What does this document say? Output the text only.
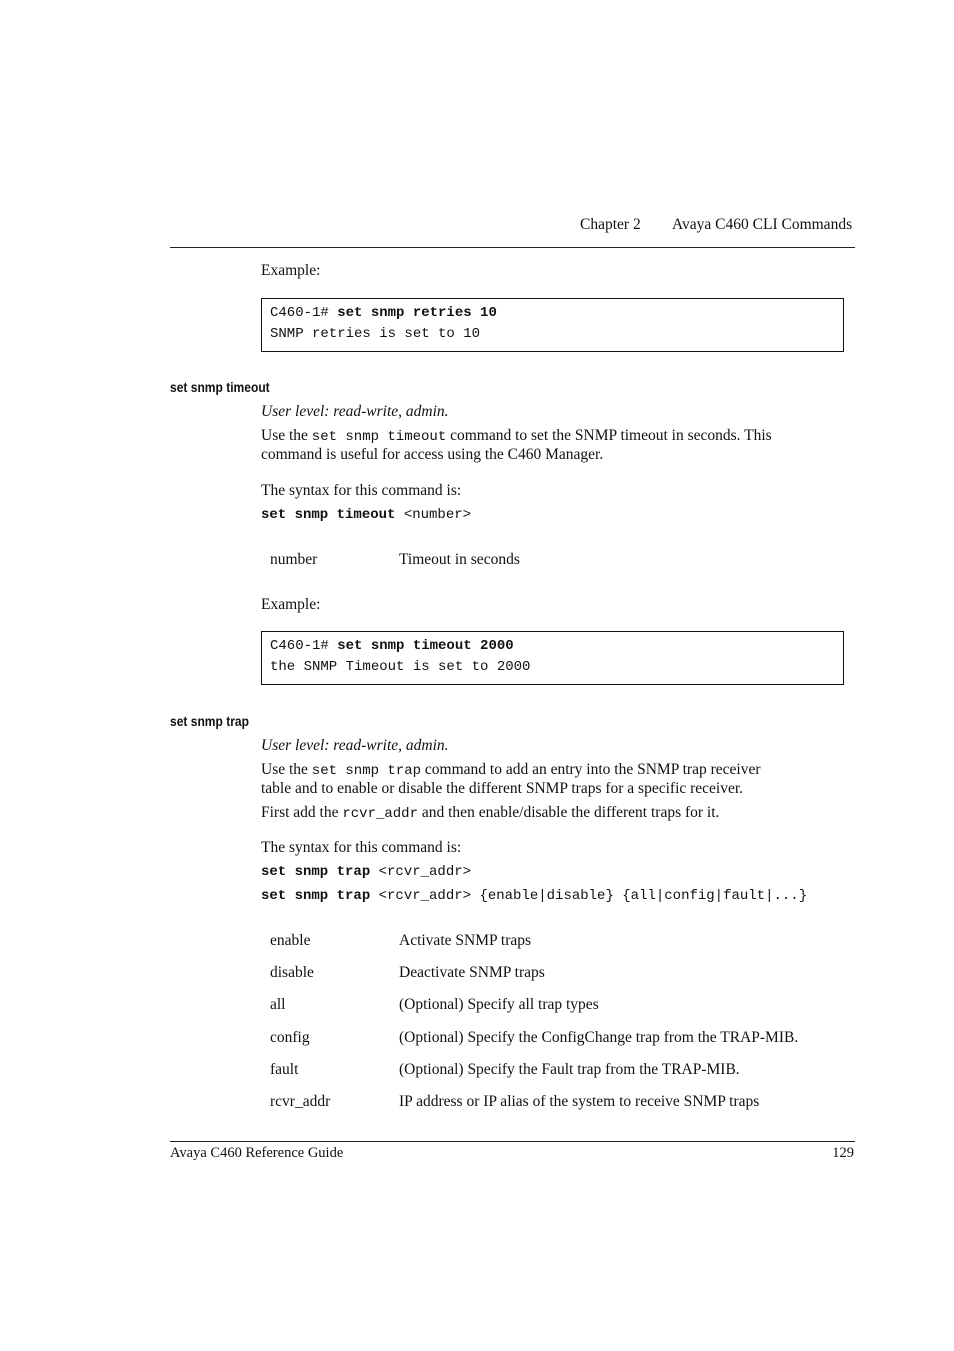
Chapter 2 Avaya C460 CLI Commands
Example:
C460-1# set snmp retries 10
SNMP retries is set to 10
set snmp timeout
User level: read-write, admin.
Use the set snmp timeout command to set the SNMP timeout in seconds. This
command is useful for access using the C460 Manager.
The syntax for this command is:
set snmp timeout <number>
number	Timeout in seconds
Example:
C460-1# set snmp timeout 2000
the SNMP Timeout is set to 2000
set snmp trap
User level: read-write, admin.
Use the set snmp trap command to add an entry into the SNMP trap receiver
table and to enable or disable the different SNMP traps for a specific receiver.
First add the rcvr_addr and then enable/disable the different traps for it.
The syntax for this command is:
set snmp trap <rcvr_addr>
set snmp trap <rcvr_addr> {enable|disable} {all|config|fault|...}
enable	Activate SNMP traps
disable	Deactivate SNMP traps
all	(Optional) Specify all trap types
config	(Optional) Specify the ConfigChange trap from the TRAP-MIB.
fault	(Optional) Specify the Fault trap from the TRAP-MIB.
rcvr_addr	IP address or IP alias of the system to receive SNMP traps
Avaya C460 Reference Guide	129
